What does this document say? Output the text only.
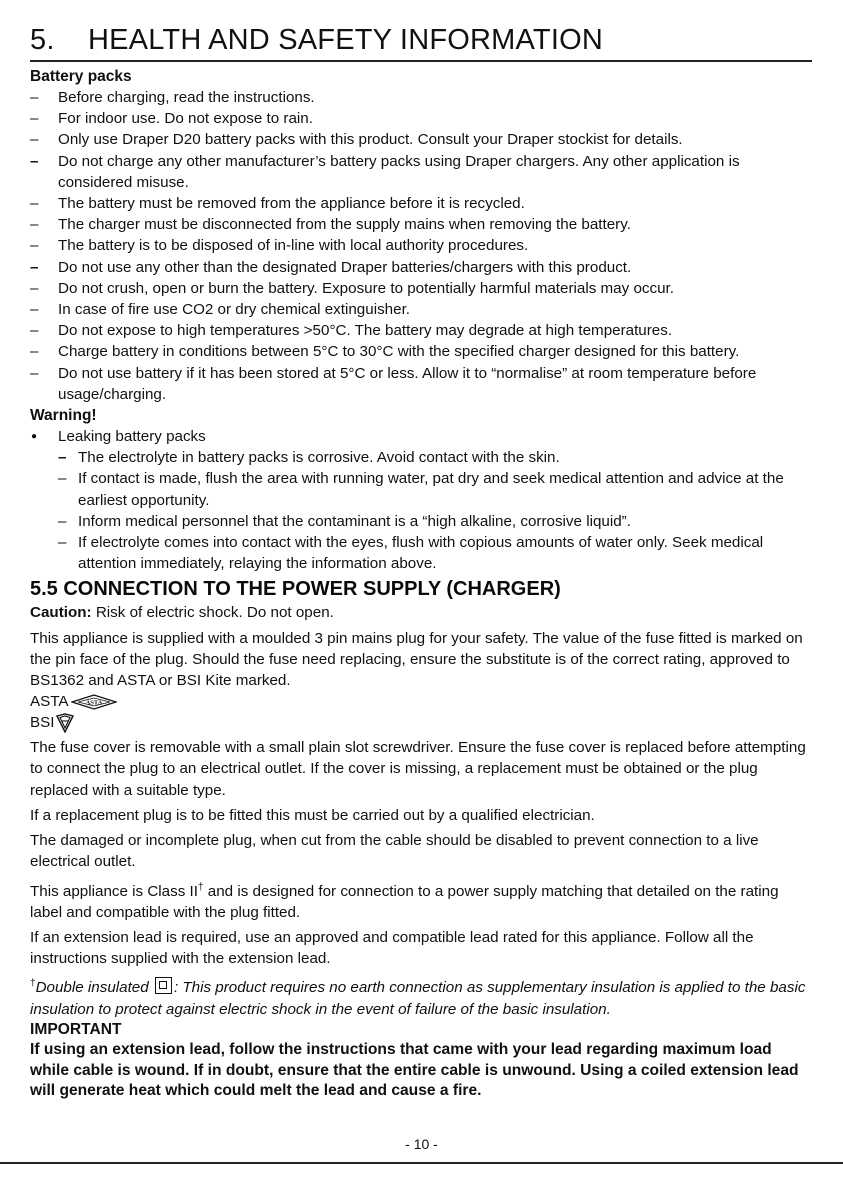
5. HEALTH AND SAFETY INFORMATION

Battery packs

– Before charging, read the instructions.
– For indoor use. Do not expose to rain.
– Only use Draper D20 battery packs with this product. Consult your Draper stockist for details.
– Do not charge any other manufacturer’s battery packs using Draper chargers. Any other application is considered misuse.
– The battery must be removed from the appliance before it is recycled.
– The charger must be disconnected from the supply mains when removing the battery.
– The battery is to be disposed of in-line with local authority procedures.
– Do not use any other than the designated Draper batteries/chargers with this product.
– Do not crush, open or burn the battery. Exposure to potentially harmful materials may occur.
– In case of fire use CO2 or dry chemical extinguisher.
– Do not expose to high temperatures >50°C. The battery may degrade at high temperatures.
– Charge battery in conditions between 5°C to 30°C with the specified charger designed for this battery.
– Do not use battery if it has been stored at 5°C or less. Allow it to “normalise” at room temperature before usage/charging.

Warning!

● Leaking battery packs
– The electrolyte in battery packs is corrosive. Avoid contact with the skin.
– If contact is made, flush the area with running water, pat dry and seek medical attention and advice at the earliest opportunity.
– Inform medical personnel that the contaminant is a “high alkaline, corrosive liquid”.
– If electrolyte comes into contact with the eyes, flush with copious amounts of water only. Seek medical attention immediately, relaying the information above.
5.5 CONNECTION TO THE POWER SUPPLY (CHARGER)

Caution: Risk of electric shock. Do not open.

This appliance is supplied with a moulded 3 pin mains plug for your safety. The value of the fuse fitted is marked on the pin face of the plug. Should the fuse need replacing, ensure the substitute is of the correct rating, approved to BS1362 and ASTA or BSI Kite marked.

ASTA	ASTA
BSI

The fuse cover is removable with a small plain slot screwdriver. Ensure the fuse cover is replaced before attempting to connect the plug to an electrical outlet. If the cover is missing, a replacement must be obtained or the plug replaced with a suitable type.

If a replacement plug is to be fitted this must be carried out by a qualified electrician.

The damaged or incomplete plug, when cut from the cable should be disabled to prevent connection to a live electrical outlet.

This appliance is Class II† and is designed for connection to a power supply matching that detailed on the rating label and compatible with the plug fitted.

If an extension lead is required, use an approved and compatible lead rated for this appliance. Follow all the instructions supplied with the extension lead.

†Double insulated : This product requires no earth connection as supplementary insulation is applied to the basic insulation to protect against electric shock in the event of failure of the basic insulation.

IMPORTANT

If using an extension lead, follow the instructions that came with your lead regarding maximum load while cable is wound. If in doubt, ensure that the entire cable is unwound. Using a coiled extension lead will generate heat which could melt the lead and cause a fire.

- 10 -
